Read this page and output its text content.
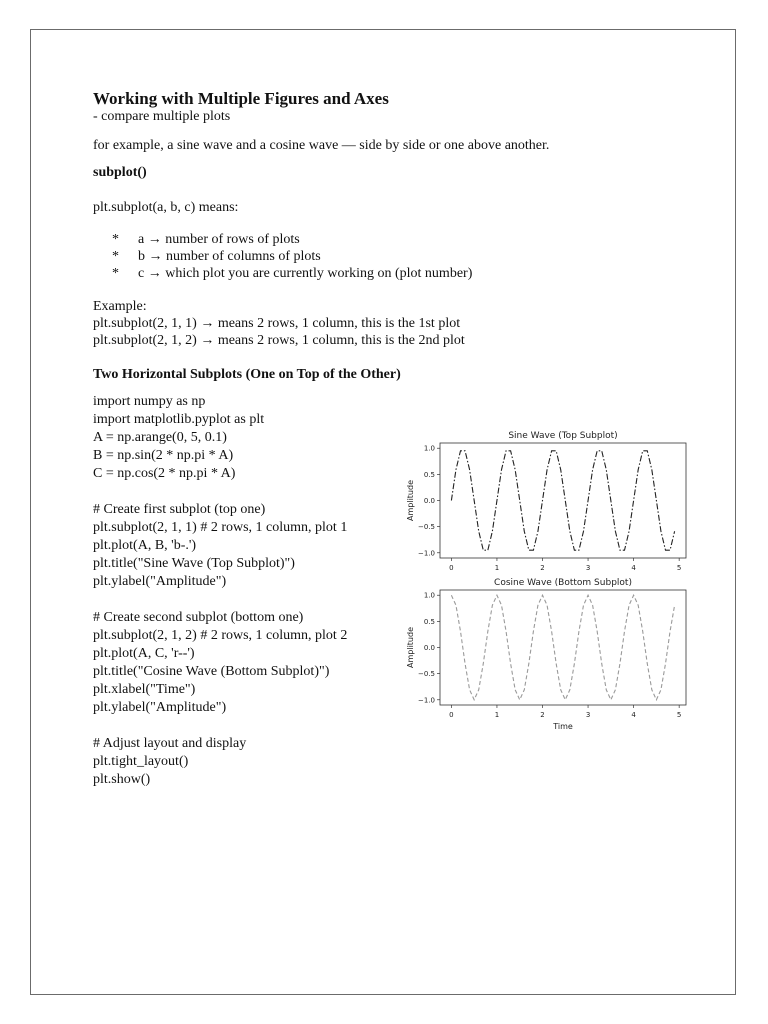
Working with Multiple Figures and Axes
- compare multiple plots
for example, a sine wave and a cosine wave — side by side or one above another.
subplot()
plt.subplot(a, b, c) means:
*	a → number of rows of plots
*	b → number of columns of plots
*	c → which plot you are currently working on (plot number)
Example:
plt.subplot(2, 1, 1) → means 2 rows, 1 column, this is the 1st plot
plt.subplot(2, 1, 2) → means 2 rows, 1 column, this is the 2nd plot
Two Horizontal Subplots (One on Top of the Other)
import numpy as np
import matplotlib.pyplot as plt
A = np.arange(0, 5, 0.1)
B = np.sin(2 * np.pi * A)
C = np.cos(2 * np.pi * A)
# Create first subplot (top one)
plt.subplot(2, 1, 1) # 2 rows, 1 column, plot 1
plt.plot(A, B, 'b-.')
plt.title("Sine Wave (Top Subplot)")
plt.ylabel("Amplitude")
# Create second subplot (bottom one)
plt.subplot(2, 1, 2) # 2 rows, 1 column, plot 2
plt.plot(A, C, 'r--')
plt.title("Cosine Wave (Bottom Subplot)")
plt.xlabel("Time")
plt.ylabel("Amplitude")
# Adjust layout and display
plt.tight_layout()
plt.show()
Sine Wave (Top Subplot)
0	1	2	3	4	5
1.0
0.5
0.0
−0.5
−1.0
Amplitude
Cosine Wave (Bottom Subplot)
0	1	2	3	4	5
1.0
0.5
0.0
−0.5
−1.0
Amplitude
Time
